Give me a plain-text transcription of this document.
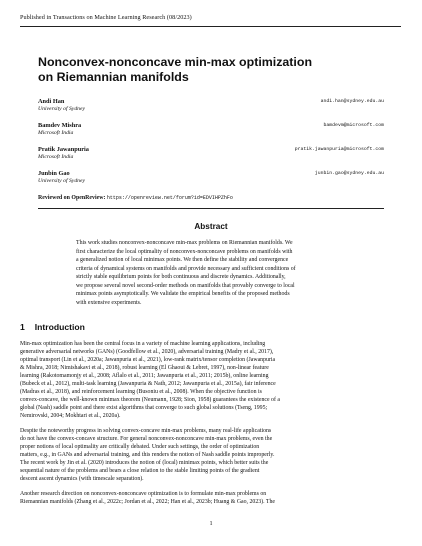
Published in Transactions on Machine Learning Research (08/2023)
Nonconvex-nonconcave min-max optimization
on Riemannian manifolds
Andi Han
University of Sydney
andi.han@sydney.edu.au
Bamdev Mishra
Microsoft India
bamdevm@microsoft.com
Pratik Jawanpuria
Microsoft India
pratik.jawanpuria@microsoft.com
Junbin Gao
University of Sydney
junbin.gao@sydney.edu.au
Reviewed on OpenReview: https://openreview.net/forum?id=EDVIHPZhFo
Abstract
This work studies nonconvex-nonconcave min-max problems on Riemannian manifolds. We
first characterize the local optimality of nonconvex-nonconcave problems on manifolds with
a generalized notion of local minimax points. We then define the stability and convergence
criteria of dynamical systems on manifolds and provide necessary and sufficient conditions of
strictly stable equilibrium points for both continuous and discrete dynamics. Additionally,
we propose several novel second-order methods on manifolds that provably converge to local
minimax points asymptotically. We validate the empirical benefits of the proposed methods
with extensive experiments.
1 Introduction
Min-max optimization has been the central focus in a variety of machine learning applications, including
generative adversarial networks (GANs) (Goodfellow et al., 2020), adversarial training (Madry et al., 2017),
optimal transport (Lin et al., 2020a; Jawanpuria et al., 2021), low-rank matrix/tensor completion (Jawanpuria
& Mishra, 2018; Nimishakavi et al., 2018), robust learning (El Ghaoui & Lebret, 1997), non-linear feature
learning (Rakotomamonjy et al., 2008; Aflalo et al., 2011; Jawanpuria et al., 2011; 2015b), online learning
(Bubeck et al., 2012), multi-task learning (Jawanpuria & Nath, 2012; Jawanpuria et al., 2015a), fair inference
(Madras et al., 2018), and reinforcement learning (Busoniu et al., 2008). When the objective function is
convex-concave, the well-known minimax theorem (Neumann, 1928; Sion, 1958) guarantees the existence of a
global (Nash) saddle point and there exist algorithms that converge to such global solutions (Tseng, 1995;
Nemirovski, 2004; Mokhtari et al., 2020a).
Despite the noteworthy progress in solving convex-concave min-max problems, many real-life applications
do not have the convex-concave structure. For general nonconvex-nonconcave min-max problems, even the
proper notions of local optimality are critically debated. Under such settings, the order of optimization
matters, e.g., in GANs and adversarial training, and this renders the notion of Nash saddle points improperly.
The recent work by Jin et al. (2020) introduces the notion of (local) minimax points, which better suits the
sequential nature of the problems and bears a close relation to the stable limiting points of the gradient
descent ascent dynamics (with timescale separation).
Another research direction on nonconvex-nonconcave optimization is to formulate min-max problems on
Riemannian manifolds (Zhang et al., 2022c; Jordan et al., 2022; Han et al., 2023b; Huang & Gao, 2023). The
1
